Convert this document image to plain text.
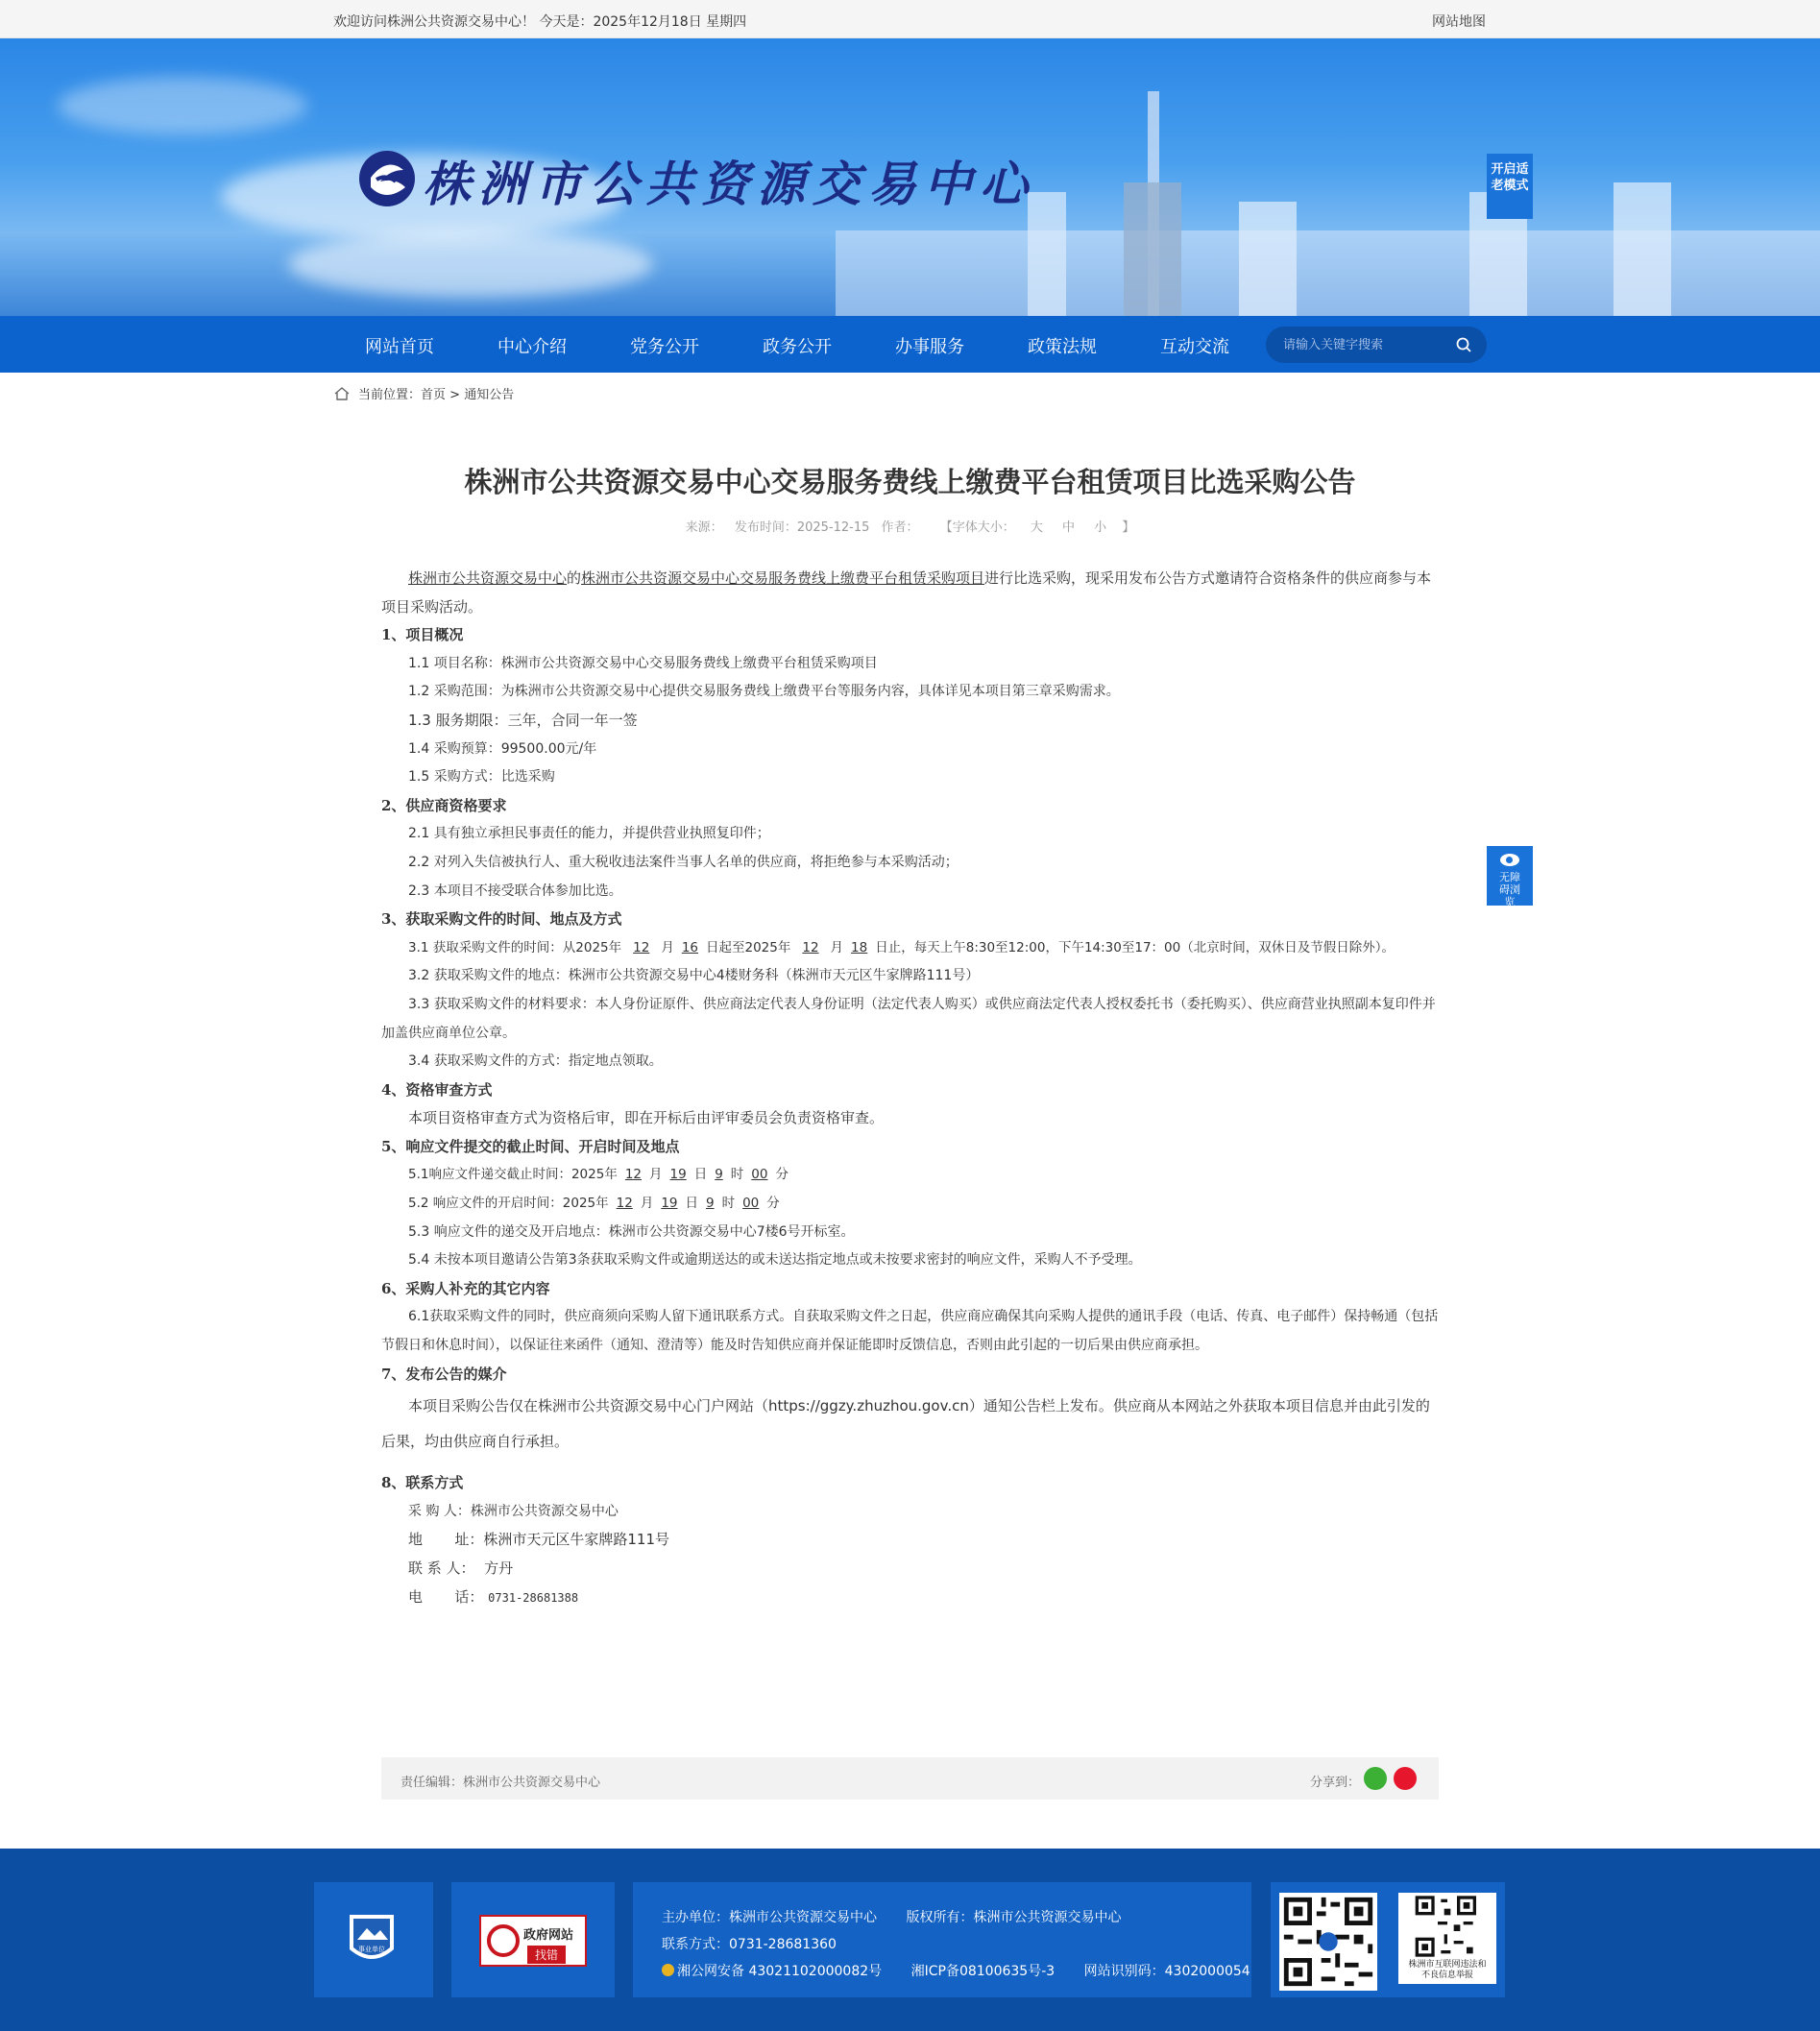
欢迎访问株洲公共资源交易中心！ 今天是：2025年12月18日 星期四	网站地图
株洲市公共资源交易中心	开启适老模式
网站首页	中心介绍	党务公开	政务公开	办事服务	政策法规	互动交流
请输入关键字搜索
当前位置：首页 > 通知公告
株洲市公共资源交易中心交易服务费线上缴费平台租赁项目比选采购公告
来源： 发布时间：2025-12-15 作者： 【字体大小： 大 中 小 】

株洲市公共资源交易中心的株洲市公共资源交易中心交易服务费线上缴费平台租赁采购项目进行比选采购，现采用发布公告方式邀请符合资格条件的供应商参与本项目采购活动。

1、项目概况

1.1 项目名称：株洲市公共资源交易中心交易服务费线上缴费平台租赁采购项目

1.2 采购范围：为株洲市公共资源交易中心提供交易服务费线上缴费平台等服务内容，具体详见本项目第三章采购需求。

1.3 服务期限：三年，合同一年一签

1.4 采购预算：99500.00元/年

1.5 采购方式：比选采购

2、供应商资格要求

2.1 具有独立承担民事责任的能力，并提供营业执照复印件；

2.2 对列入失信被执行人、重大税收违法案件当事人名单的供应商，将拒绝参与本采购活动；

2.3 本项目不接受联合体参加比选。

3、获取采购文件的时间、地点及方式

3.1 获取采购文件的时间：从2025年 12 月 16 日起至2025年 12 月 18 日止，每天上午8:30至12:00，下午14:30至17：00（北京时间，双休日及节假日除外）。

3.2 获取采购文件的地点：株洲市公共资源交易中心4楼财务科（株洲市天元区牛家牌路111号）

3.3 获取采购文件的材料要求：本人身份证原件、供应商法定代表人身份证明（法定代表人购买）或供应商法定代表人授权委托书（委托购买）、供应商营业执照副本复印件并加盖供应商单位公章。

3.4 获取采购文件的方式：指定地点领取。

4、资格审查方式

本项目资格审查方式为资格后审，即在开标后由评审委员会负责资格审查。

5、响应文件提交的截止时间、开启时间及地点

5.1响应文件递交截止时间：2025年 12 月 19 日 9 时 00 分

5.2 响应文件的开启时间：2025年 12 月 19 日 9 时 00 分

5.3 响应文件的递交及开启地点：株洲市公共资源交易中心7楼6号开标室。

5.4 未按本项目邀请公告第3条获取采购文件或逾期送达的或未送达指定地点或未按要求密封的响应文件，采购人不予受理。

6、采购人补充的其它内容

6.1获取采购文件的同时，供应商须向采购人留下通讯联系方式。自获取采购文件之日起，供应商应确保其向采购人提供的通讯手段（电话、传真、电子邮件）保持畅通（包括节假日和休息时间），以保证往来函件（通知、澄清等）能及时告知供应商并保证能即时反馈信息，否则由此引起的一切后果由供应商承担。

7、发布公告的媒介

本项目采购公告仅在株洲市公共资源交易中心门户网站（https://ggzy.zhuzhou.gov.cn）通知公告栏上发布。供应商从本网站之外获取本项目信息并由此引发的后果，均由供应商自行承担。

8、联系方式

采 购 人：株洲市公共资源交易中心

地       址：株洲市天元区牛家牌路111号

联 系 人：  方丹

电       话： 0731-28681388

责任编辑：株洲市公共资源交易中心	分享到：
无障碍浏览
事业单位
政府网站
找错
主办单位：株洲市公共资源交易中心 版权所有：株洲市公共资源交易中心
联系方式：0731-28681360
湘公网安备 43021102000082号 湘ICP备08100635号-3 网站识别码：4302000054	株洲市互联网违法和不良信息举报
